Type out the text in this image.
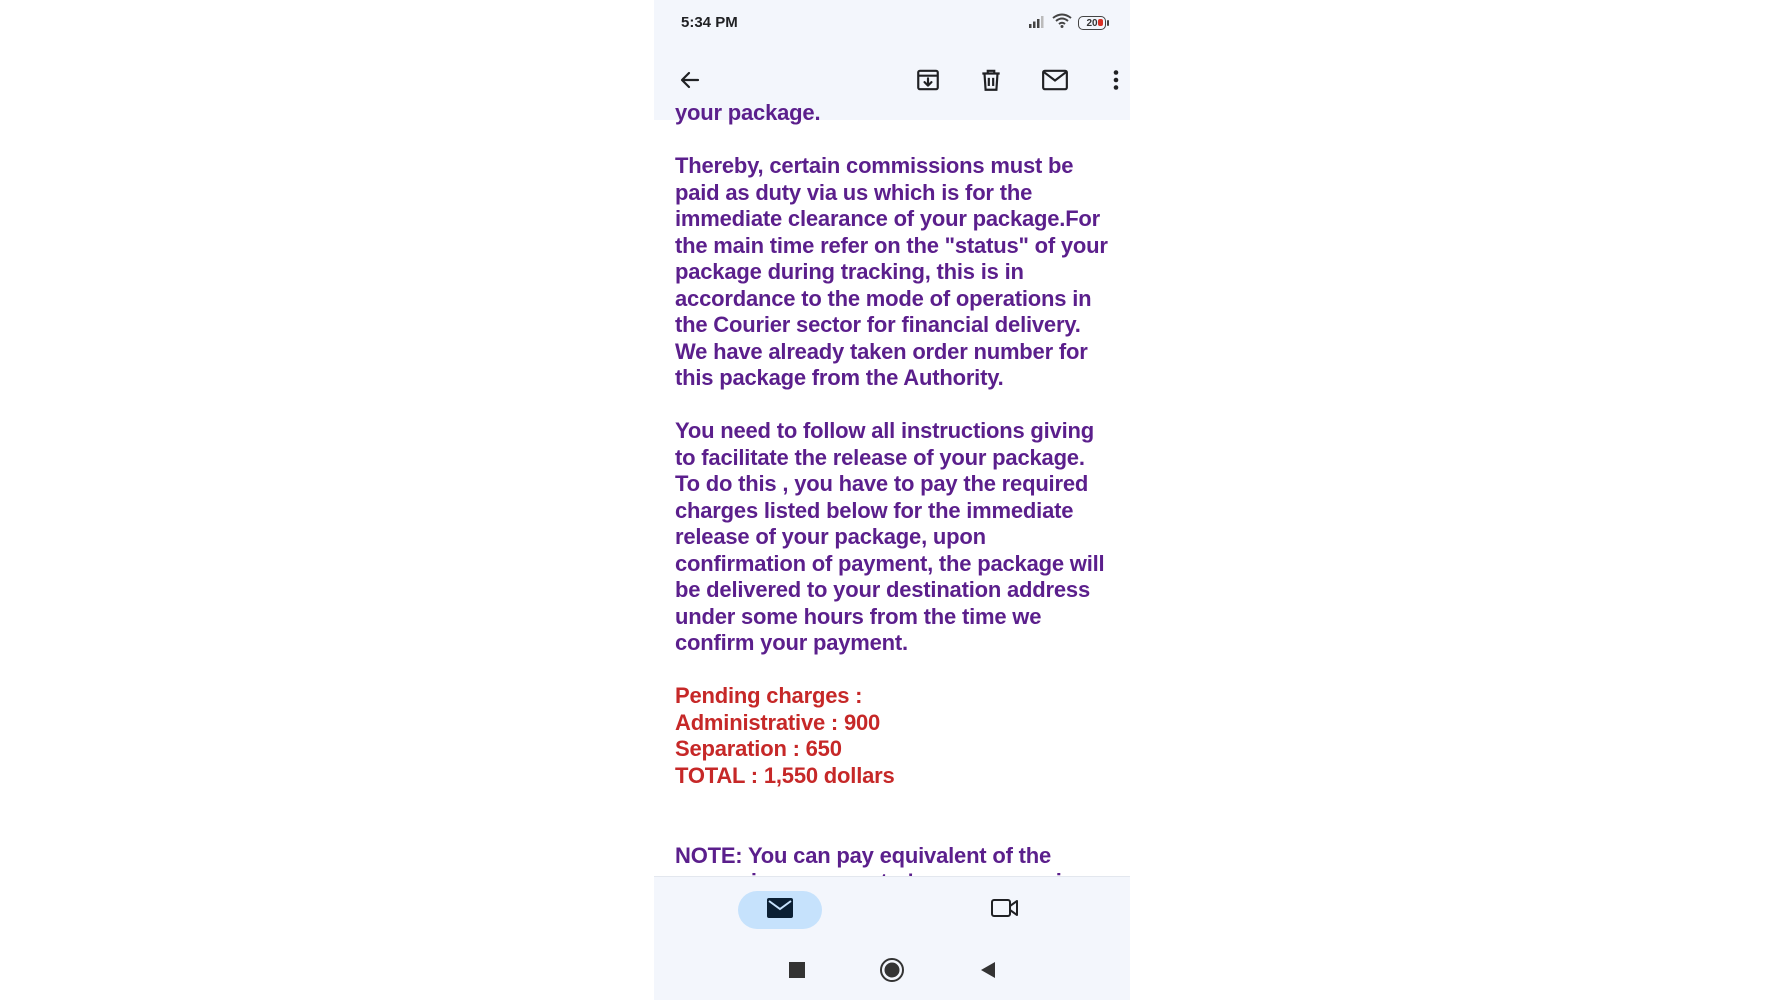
5:34 PM	20

your package.

Thereby, certain commissions must be paid as duty via us which is for the immediate clearance of your package.For the main time refer on the "status" of your package during tracking, this is in accordance to the mode of operations in the Courier sector for financial delivery. We have already taken order number for this package from the Authority.

You need to follow all instructions giving to facilitate the release of your package. To do this , you have to pay the required charges listed below for the immediate release of your package, upon confirmation of payment, the package will be delivered to your destination address under some hours from the time we confirm your payment.

Pending charges :

Administrative : 900

Separation : 650

TOTAL : 1,550 dollars

NOTE: You can pay equivalent of the
